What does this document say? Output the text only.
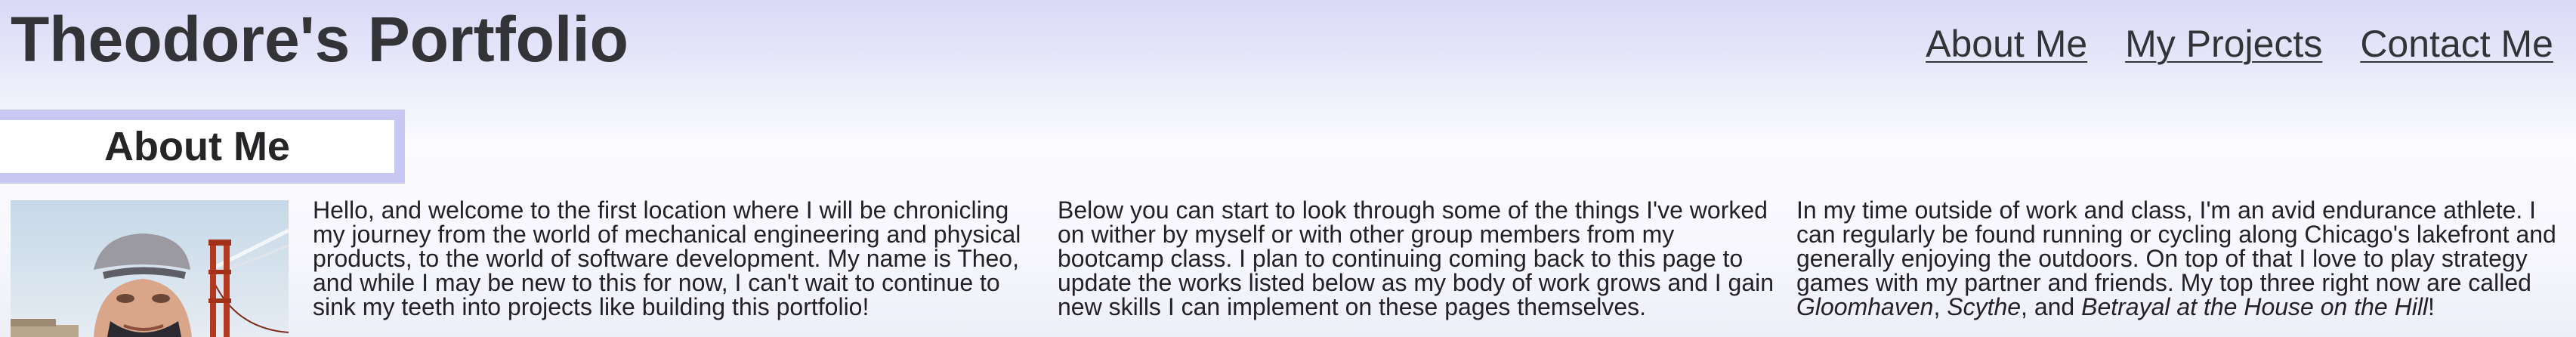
Theodore's Portfolio	About Me My Projects Contact Me
About Me

Hello, and welcome to the first location where I will be chronicling my journey from the world of mechanical engineering and physical products, to the world of software development. My name is Theo, and while I may be new to this for now, I can't wait to continue to sink my teeth into projects like building this portfolio!

Below you can start to look through some of the things I've worked on wither by myself or with other group members from my bootcamp class. I plan to continuing coming back to this page to update the works listed below as my body of work grows and I gain new skills I can implement on these pages themselves.

In my time outside of work and class, I'm an avid endurance athlete. I can regularly be found running or cycling along Chicago's lakefront and generally enjoying the outdoors. On top of that I love to play strategy games with my partner and friends. My top three right now are called Gloomhaven, Scythe, and Betrayal at the House on the Hill!
